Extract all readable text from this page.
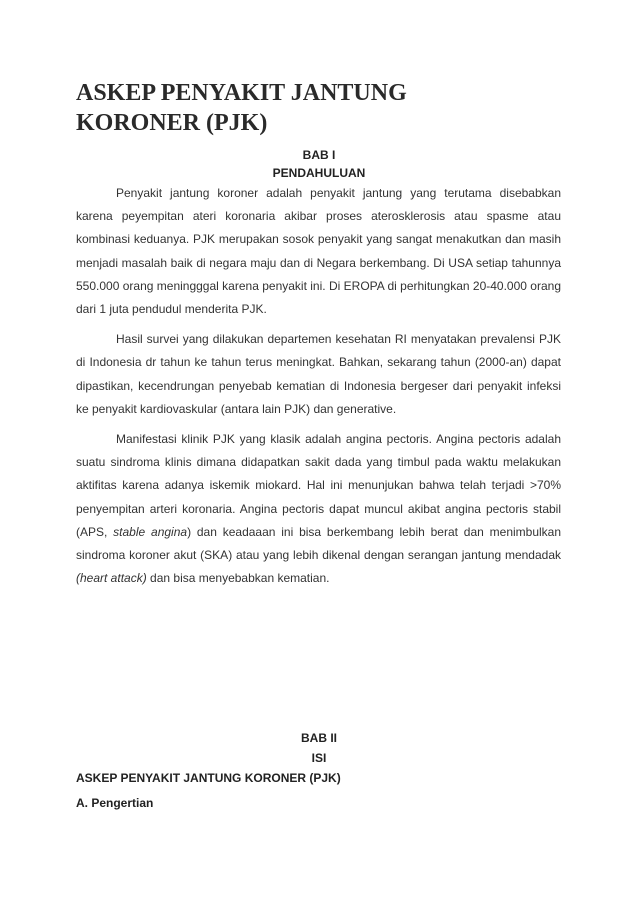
ASKEP PENYAKIT JANTUNG
KORONER (PJK)
BAB I
PENDAHULUAN

Penyakit jantung koroner adalah penyakit jantung yang terutama disebabkan karena peyempitan ateri koronaria akibar proses aterosklerosis atau spasme atau kombinasi keduanya. PJK merupakan sosok penyakit yang sangat menakutkan dan masih menjadi masalah baik di negara maju dan di Negara berkembang. Di USA setiap tahunnya 550.000 orang meningggal karena penyakit ini. Di EROPA di perhitungkan 20-40.000 orang dari 1 juta pendudul menderita PJK.

Hasil survei yang dilakukan departemen kesehatan RI menyatakan prevalensi PJK di Indonesia dr tahun ke tahun terus meningkat. Bahkan, sekarang tahun (2000-an) dapat dipastikan, kecendrungan penyebab kematian di Indonesia bergeser dari penyakit infeksi ke penyakit kardiovaskular (antara lain PJK) dan generative.

Manifestasi klinik PJK yang klasik adalah angina pectoris. Angina pectoris adalah suatu sindroma klinis dimana didapatkan sakit dada yang timbul pada waktu melakukan aktifitas karena adanya iskemik miokard. Hal ini menunjukan bahwa telah terjadi >70% penyempitan arteri koronaria. Angina pectoris dapat muncul akibat angina pectoris stabil (APS, stable angina) dan keadaaan ini bisa berkembang lebih berat dan menimbulkan sindroma koroner akut (SKA) atau yang lebih dikenal dengan serangan jantung mendadak (heart attack) dan bisa menyebabkan kematian.

BAB II
ISI
ASKEP PENYAKIT JANTUNG KORONER (PJK)
A. Pengertian
